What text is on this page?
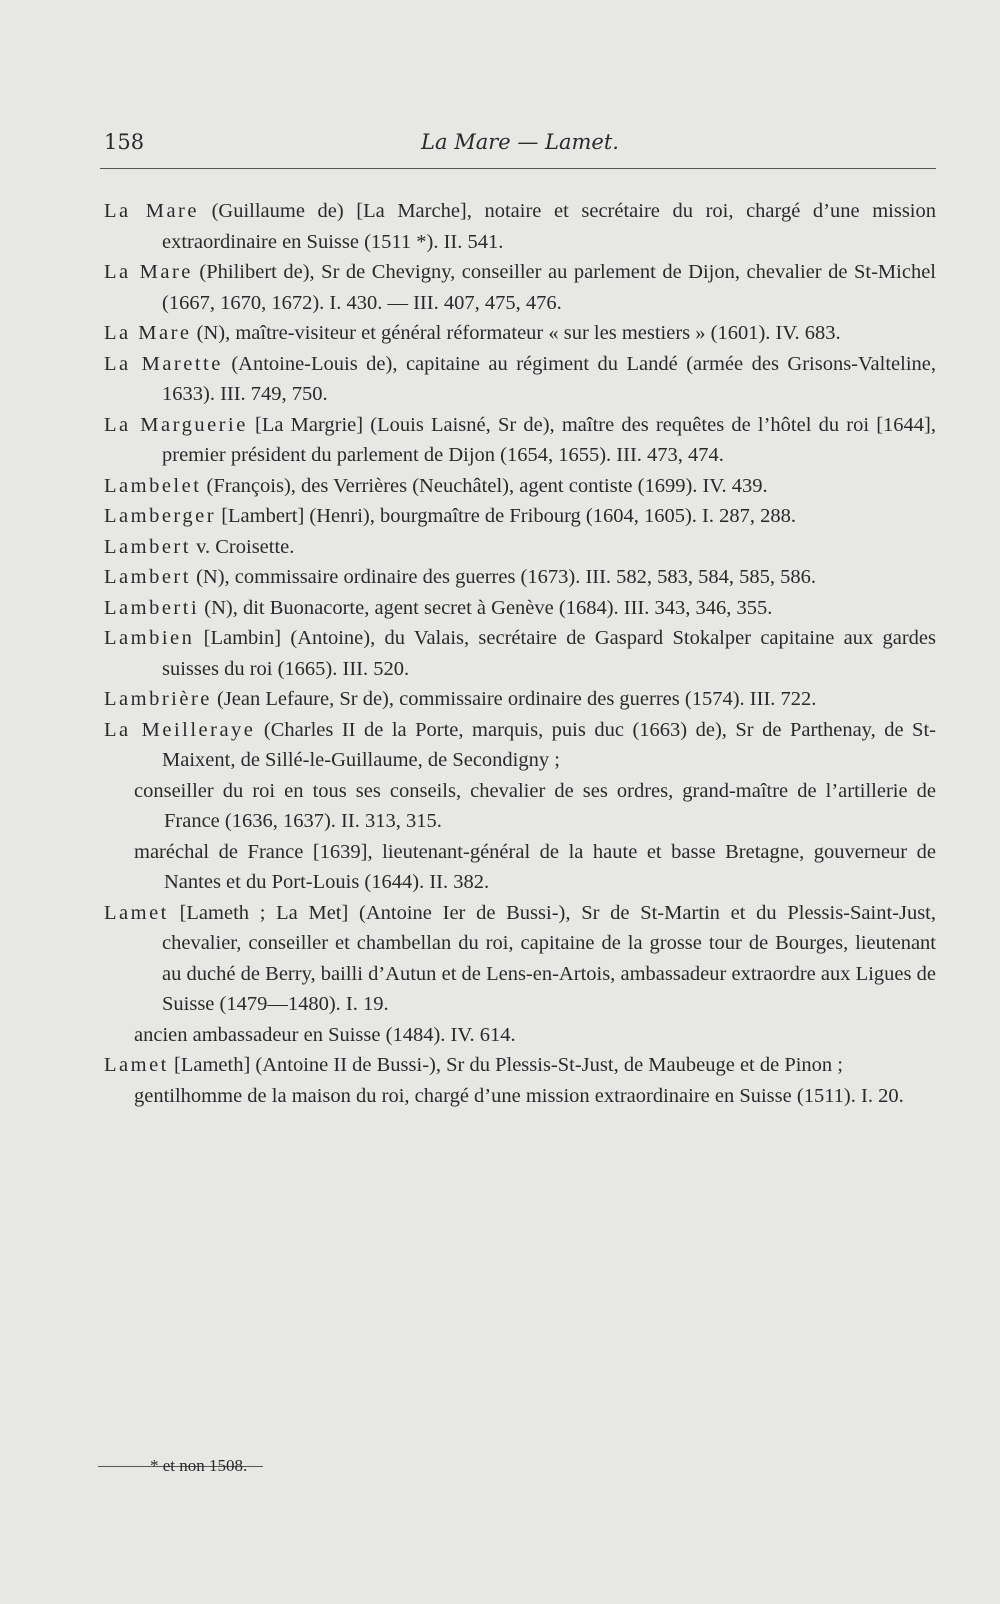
158	La Mare — Lamet.

La Mare (Guillaume de) [La Marche], notaire et secrétaire du roi, chargé d’une mission extraordinaire en Suisse (1511 *). II. 541.

La Mare (Philibert de), Sr de Chevigny, conseiller au parlement de Dijon, chevalier de St-Michel (1667, 1670, 1672). I. 430. — III. 407, 475, 476.

La Mare (N), maître-visiteur et général réformateur « sur les mestiers » (1601). IV. 683.

La Marette (Antoine-Louis de), capitaine au régiment du Landé (armée des Grisons-Valteline, 1633). III. 749, 750.

La Marguerie [La Margrie] (Louis Laisné, Sr de), maître des requêtes de l’hôtel du roi [1644], premier président du parlement de Dijon (1654, 1655). III. 473, 474.

Lambelet (François), des Verrières (Neuchâtel), agent contiste (1699). IV. 439.

Lamberger [Lambert] (Henri), bourgmaître de Fribourg (1604, 1605). I. 287, 288.

Lambert v. Croisette.

Lambert (N), commissaire ordinaire des guerres (1673). III. 582, 583, 584, 585, 586.

Lamberti (N), dit Buonacorte, agent secret à Genève (1684). III. 343, 346, 355.

Lambien [Lambin] (Antoine), du Valais, secrétaire de Gaspard Stokalper capitaine aux gardes suisses du roi (1665). III. 520.

Lambrière (Jean Lefaure, Sr de), commissaire ordinaire des guerres (1574). III. 722.

La Meilleraye (Charles II de la Porte, marquis, puis duc (1663) de), Sr de Parthenay, de St-Maixent, de Sillé-le-Guillaume, de Secondigny ;

conseiller du roi en tous ses conseils, chevalier de ses ordres, grand-maître de l’artillerie de France (1636, 1637). II. 313, 315.

maréchal de France [1639], lieutenant-général de la haute et basse Bretagne, gouverneur de Nantes et du Port-Louis (1644). II. 382.

Lamet [Lameth ; La Met] (Antoine Ier de Bussi-), Sr de St-Martin et du Plessis-Saint-Just, chevalier, conseiller et chambellan du roi, capitaine de la grosse tour de Bourges, lieutenant au duché de Berry, bailli d’Autun et de Lens-en-Artois, ambassadeur extraordre aux Ligues de Suisse (1479—1480). I. 19.

ancien ambassadeur en Suisse (1484). IV. 614.

Lamet [Lameth] (Antoine II de Bussi-), Sr du Plessis-St-Just, de Maubeuge et de Pinon ;

gentilhomme de la maison du roi, chargé d’une mission extraordinaire en Suisse (1511). I. 20.

* et non 1508.
